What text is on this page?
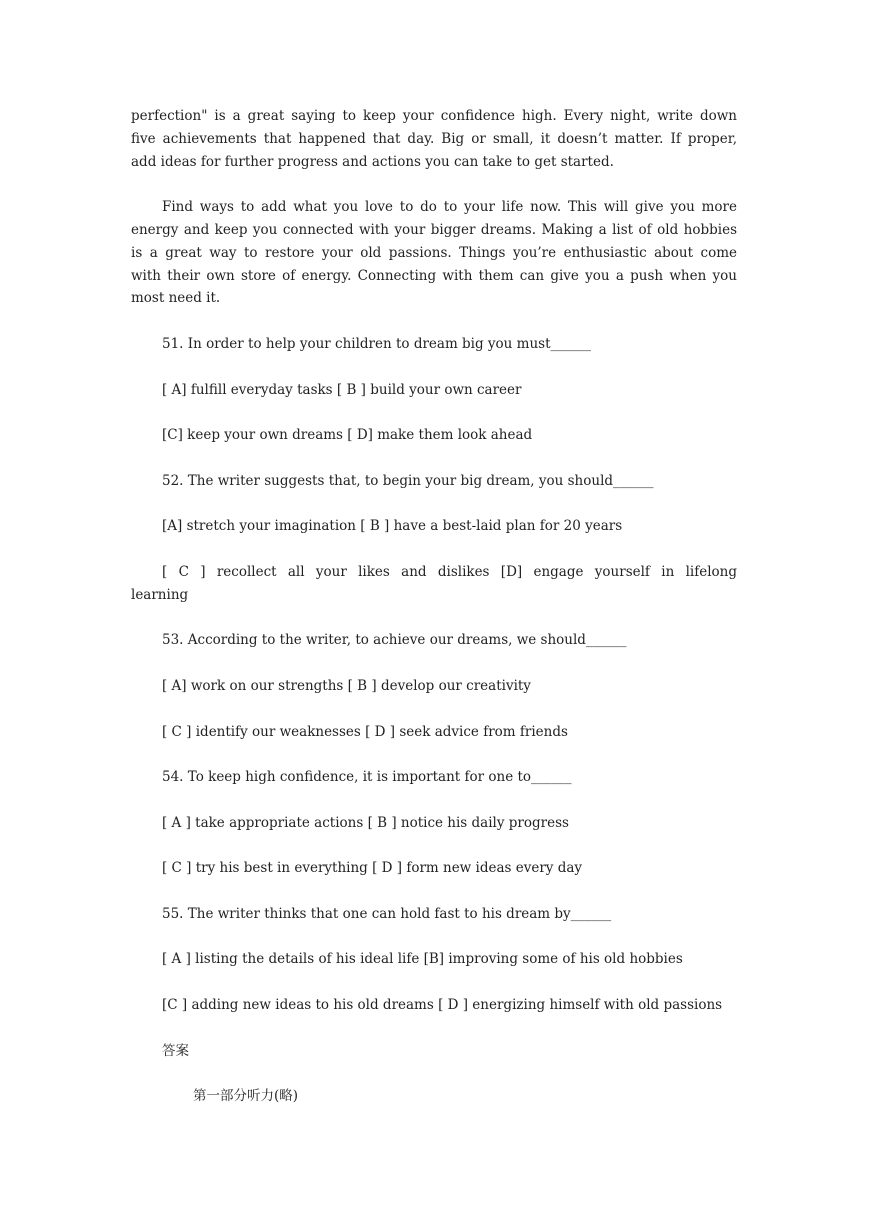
perfection" is a great saying to keep your confidence high. Every night, write down
five achievements that happened that day. Big or small, it doesn’t matter. If proper,
add ideas for further progress and actions you can take to get started.
Find ways to add what you love to do to your life now. This will give you more
energy and keep you connected with your bigger dreams. Making a list of old hobbies
is a great way to restore your old passions. Things you’re enthusiastic about come
with their own store of energy. Connecting with them can give you a push when you
most need it.

51. In order to help your children to dream big you must______

[ A] fulfill everyday tasks [ B ] build your own career

[C] keep your own dreams [ D] make them look ahead

52. The writer suggests that, to begin your big dream, you should______

[A] stretch your imagination [ B ] have a best-laid plan for 20 years

[ C ] recollect all your likes and dislikes [D] engage yourself in lifelong
learning

53. According to the writer, to achieve our dreams, we should______

[ A] work on our strengths [ B ] develop our creativity

[ C ] identify our weaknesses [ D ] seek advice from friends

54. To keep high confidence, it is important for one to______

[ A ] take appropriate actions [ B ] notice his daily progress

[ C ] try his best in everything [ D ] form new ideas every day

55. The writer thinks that one can hold fast to his dream by______

[ A ] listing the details of his ideal life [B] improving some of his old hobbies
[C ] adding new ideas to his old dreams [ D ] energizing himself with old passions

答案

第一部分听力(略)
